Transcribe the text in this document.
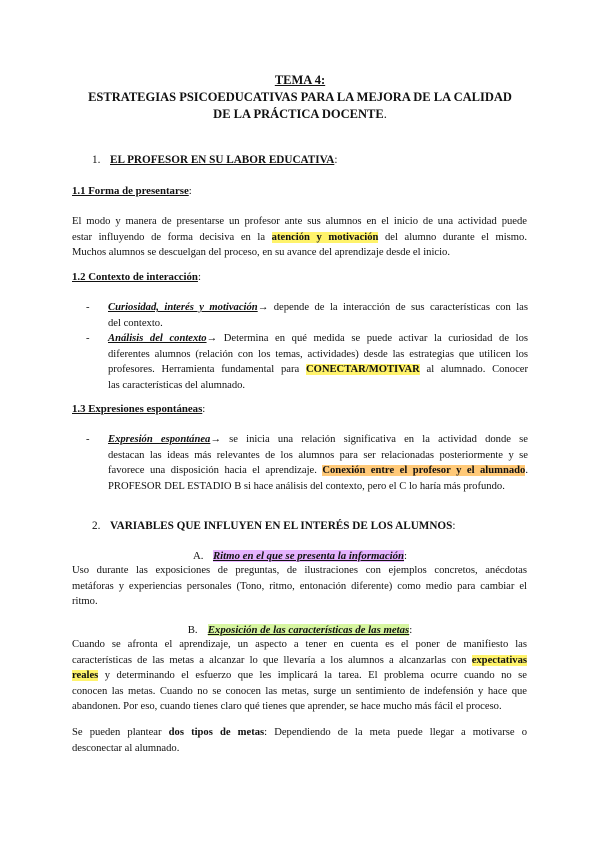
TEMA 4:
ESTRATEGIAS PSICOEDUCATIVAS PARA LA MEJORA DE LA CALIDAD
DE LA PRÁCTICA DOCENTE.
1. EL PROFESOR EN SU LABOR EDUCATIVA:
1.1 Forma de presentarse:
El modo y manera de presentarse un profesor ante sus alumnos en el inicio de una actividad puede
estar influyendo de forma decisiva en la atención y motivación del alumno durante el mismo.
Muchos alumnos se descuelgan del proceso, en su avance del aprendizaje desde el inicio.
1.2 Contexto de interacción:
- Curiosidad, interés y motivación→ depende de la interacción de sus características con las
del contexto.
- Análisis del contexto→ Determina en qué medida se puede activar la curiosidad de los
diferentes alumnos (relación con los temas, actividades) desde las estrategias que utilicen los
profesores. Herramienta fundamental para CONECTAR/MOTIVAR al alumnado. Conocer
las características del alumnado.
1.3 Expresiones espontáneas:
- Expresión espontánea→ se inicia una relación significativa en la actividad donde se
destacan las ideas más relevantes de los alumnos para ser relacionadas posteriormente y se
favorece una disposición hacia el aprendizaje. Conexión entre el profesor y el alumnado.
PROFESOR DEL ESTADIO B si hace análisis del contexto, pero el C lo haría más profundo.
2. VARIABLES QUE INFLUYEN EN EL INTERÉS DE LOS ALUMNOS:
A. Ritmo en el que se presenta la información:
Uso durante las exposiciones de preguntas, de ilustraciones con ejemplos concretos, anécdotas
metáforas y experiencias personales (Tono, ritmo, entonación diferente) como medio para cambiar el
ritmo.
B. Exposición de las características de las metas:
Cuando se afronta el aprendizaje, un aspecto a tener en cuenta es el poner de manifiesto las
características de las metas a alcanzar lo que llevaría a los alumnos a alcanzarlas con expectativas
reales y determinando el esfuerzo que les implicará la tarea. El problema ocurre cuando no se
conocen las metas. Cuando no se conocen las metas, surge un sentimiento de indefensión y hace que
abandonen. Por eso, cuando tienes claro qué tienes que aprender, se hace mucho más fácil el proceso.
Se pueden plantear dos tipos de metas: Dependiendo de la meta puede llegar a motivarse o
desconectar al alumnado.
